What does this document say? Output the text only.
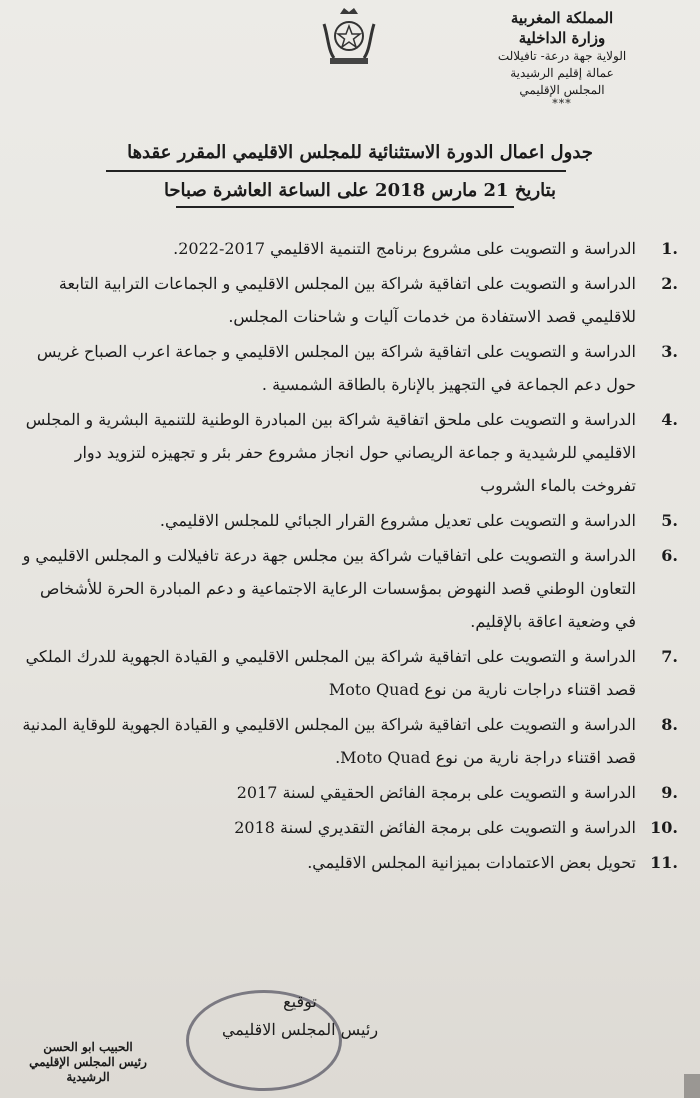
المملكة المغربية
وزارة الداخلية
الولاية جهة درعة- تافيلالت
عمالة إقليم الرشيدية
المجلس الإقليمي
***
جدول اعمال الدورة الاستثنائية للمجلس الاقليمي المقرر عقدها
بتاريخ 21 مارس 2018 على الساعة العاشرة صباحا
1.
الدراسة و التصويت على مشروع برنامج التنمية الاقليمي 2017-2022.
2.
الدراسة و التصويت على اتفاقية شراكة بين المجلس الاقليمي و الجماعات الترابية التابعة للاقليمي قصد الاستفادة من خدمات آليات و شاحنات المجلس.
3.
الدراسة و التصويت على اتفاقية شراكة بين المجلس الاقليمي و جماعة اعرب الصباح غريس حول دعم الجماعة في التجهيز بالإنارة بالطاقة الشمسية .
4.
الدراسة و التصويت على ملحق اتفاقية شراكة بين المبادرة الوطنية للتنمية البشرية و المجلس الاقليمي للرشيدية و جماعة الريصاني حول انجاز مشروع حفر بئر و تجهيزه لتزويد دوار تفروخت بالماء الشروب
5.
الدراسة و التصويت على تعديل مشروع القرار الجبائي للمجلس الاقليمي.
6.
الدراسة و التصويت على اتفاقيات شراكة بين مجلس جهة درعة تافيلالت و المجلس الاقليمي و التعاون الوطني قصد النهوض بمؤسسات الرعاية الاجتماعية و دعم المبادرة الحرة للأشخاص في وضعية اعاقة بالإقليم.
7.
الدراسة و التصويت على اتفاقية شراكة بين المجلس الاقليمي و القيادة الجهوية للدرك الملكي قصد اقتناء دراجات نارية من نوع Moto Quad
8.
الدراسة و التصويت على اتفاقية شراكة بين المجلس الاقليمي و القيادة الجهوية للوقاية المدنية قصد اقتناء دراجة نارية من نوع Moto Quad.
9.
الدراسة و التصويت على برمجة الفائض الحقيقي لسنة 2017
10.
الدراسة و التصويت على برمجة الفائض التقديري لسنة 2018
11.
تحويل بعض الاعتمادات بميزانية المجلس الاقليمي.
توقيع
رئيس المجلس الاقليمي
الحبيب ابو الحسن
رئيس المجلس الإقليمي
الرشيدية
